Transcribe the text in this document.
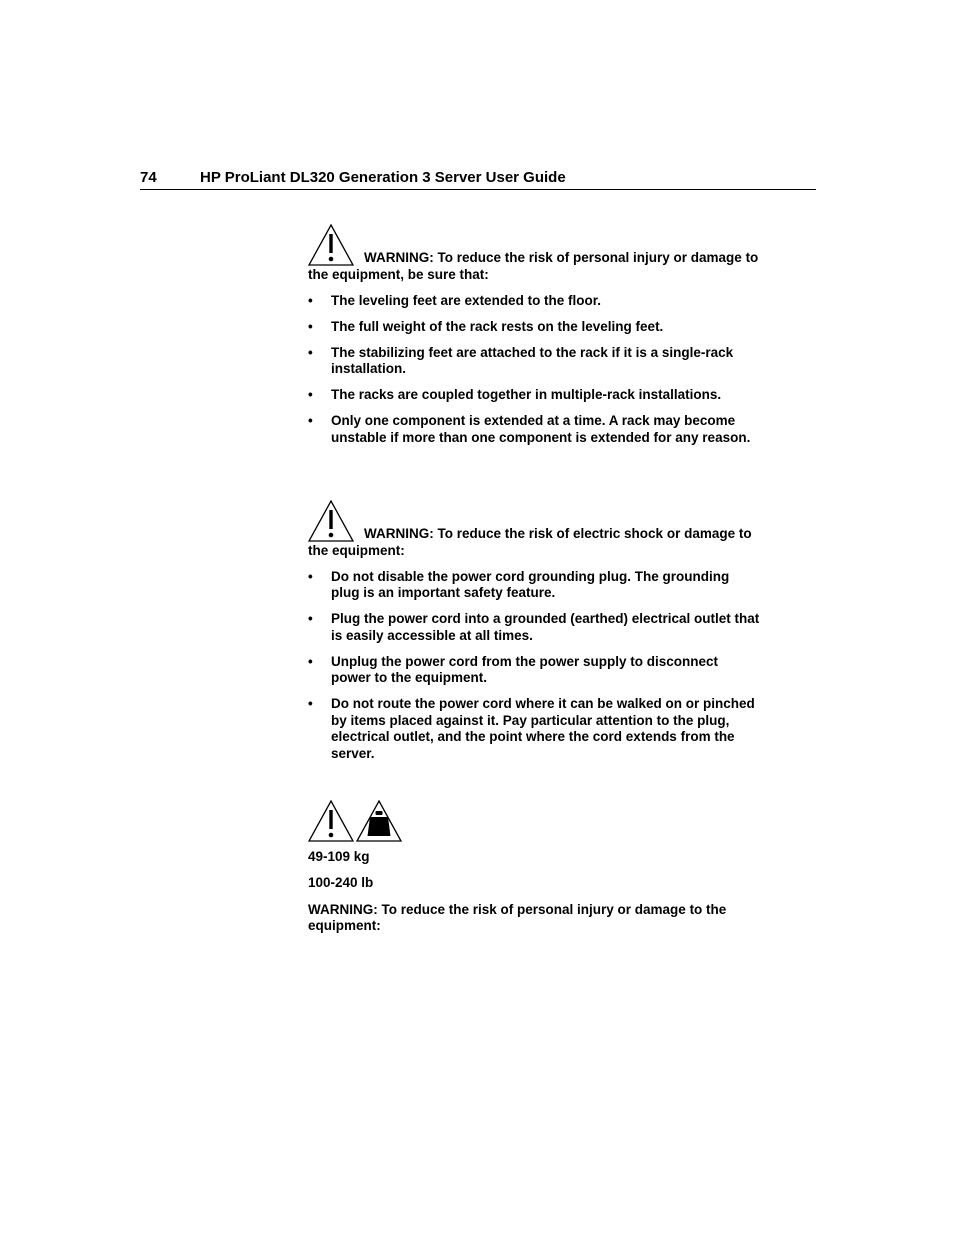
74	HP ProLiant DL320 Generation 3 Server User Guide
WARNING: To reduce the risk of personal injury or damage to the equipment, be sure that:
• The leveling feet are extended to the floor.
• The full weight of the rack rests on the leveling feet.
• The stabilizing feet are attached to the rack if it is a single-rack installation.
• The racks are coupled together in multiple-rack installations.
• Only one component is extended at a time. A rack may become unstable if more than one component is extended for any reason.
WARNING: To reduce the risk of electric shock or damage to the equipment:
• Do not disable the power cord grounding plug. The grounding plug is an important safety feature.
• Plug the power cord into a grounded (earthed) electrical outlet that is easily accessible at all times.
• Unplug the power cord from the power supply to disconnect power to the equipment.
• Do not route the power cord where it can be walked on or pinched by items placed against it. Pay particular attention to the plug, electrical outlet, and the point where the cord extends from the server.
49-109 kg
100-240 lb
WARNING: To reduce the risk of personal injury or damage to the equipment:
